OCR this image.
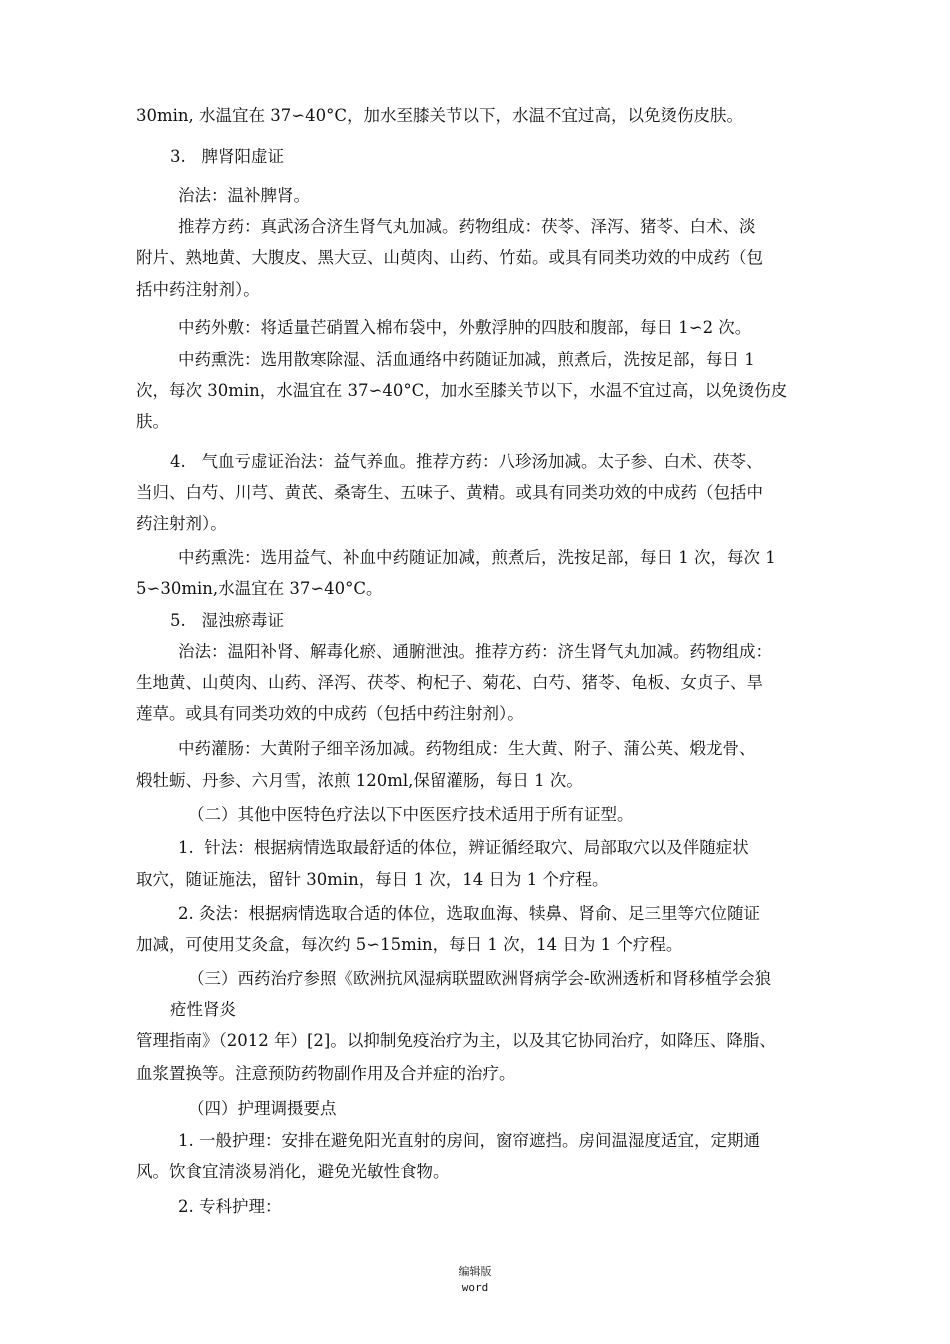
30min, 水温宜在 37∽40°C，加水至膝关节以下，水温不宜过高，以免烫伤皮肤。
3.   脾肾阳虚证
治法：温补脾肾。
推荐方药：真武汤合济生肾气丸加减。药物组成：茯苓、泽泻、猪苓、白术、淡
附片、熟地黄、大腹皮、黑大豆、山萸肉、山药、竹茹。或具有同类功效的中成药（包
括中药注射剂）。
中药外敷：将适量芒硝置入棉布袋中，外敷浮肿的四肢和腹部，每日 1∽2 次。
中药熏洗：选用散寒除湿、活血通络中药随证加减，煎煮后，洗按足部，每日 1
次，每次 30min，水温宜在 37∽40°C，加水至膝关节以下，水温不宜过高，以免烫伤皮
肤。
4.   气血亏虚证治法：益气养血。推荐方药：八珍汤加减。太子参、白术、茯苓、
当归、白芍、川芎、黄芪、桑寄生、五味子、黄精。或具有同类功效的中成药（包括中
药注射剂）。
中药熏洗：选用益气、补血中药随证加减，煎煮后，洗按足部，每日 1 次，每次 1
5∽30min,水温宜在 37∽40°C。
5.   湿浊瘀毒证
治法：温阳补肾、解毒化瘀、通腑泄浊。推荐方药：济生肾气丸加减。药物组成：
生地黄、山萸肉、山药、泽泻、茯苓、枸杞子、菊花、白芍、猪苓、龟板、女贞子、旱
莲草。或具有同类功效的中成药（包括中药注射剂）。
中药灌肠：大黄附子细辛汤加减。药物组成：生大黄、附子、蒲公英、煅龙骨、
煅牡蛎、丹参、六月雪，浓煎 120ml,保留灌肠，每日 1 次。
（二）其他中医特色疗法以下中医医疗技术适用于所有证型。
1.  针法：根据病情选取最舒适的体位，辨证循经取穴、局部取穴以及伴随症状
取穴，随证施法，留针 30min，每日 1 次，14 日为 1 个疗程。
2. 灸法：根据病情选取合适的体位，选取血海、犊鼻、肾俞、足三里等穴位随证
加减，可使用艾灸盒，每次约 5∽15min，每日 1 次，14 日为 1 个疗程。
（三）西药治疗参照《欧洲抗风湿病联盟欧洲肾病学会-欧洲透析和肾移植学会狼
疮性肾炎
管理指南》（2012 年）[2]。以抑制免疫治疗为主，以及其它协同治疗，如降压、降脂、
血浆置换等。注意预防药物副作用及合并症的治疗。
（四）护理调摄要点
1. 一般护理：安排在避免阳光直射的房间，窗帘遮挡。房间温湿度适宜，定期通
风。饮食宜清淡易消化，避免光敏性食物。
2. 专科护理：
编辑版
word
